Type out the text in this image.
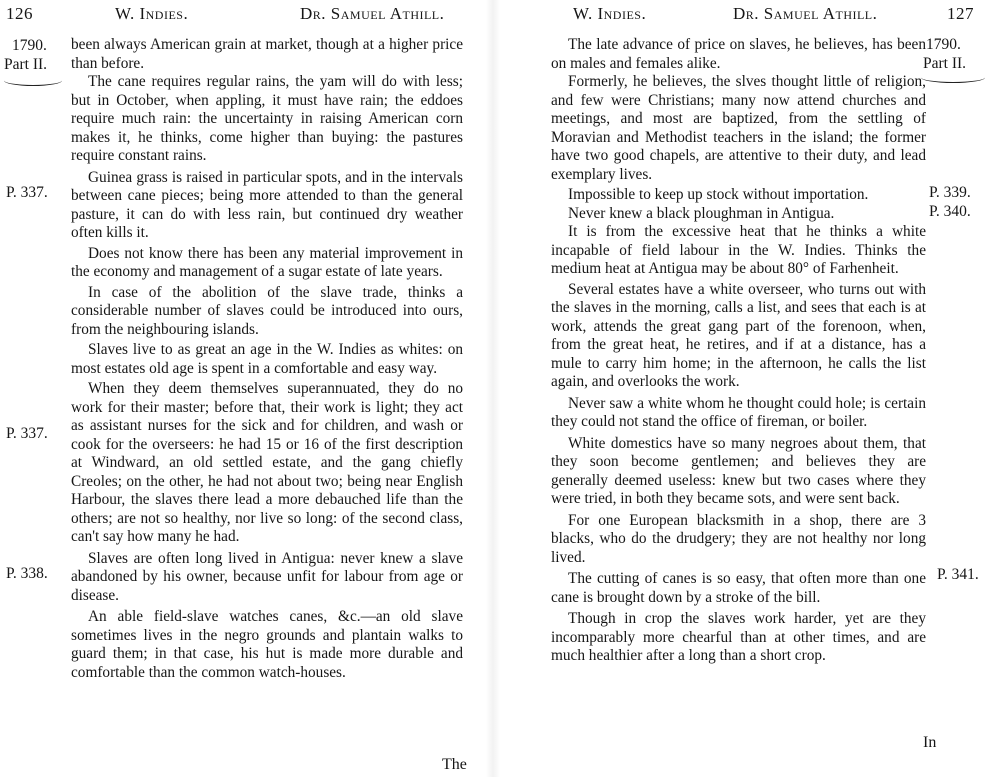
126	W. Indies.	Dr. Samuel Athill.
1790.
Part II.
P. 337.
P. 337.
P. 338.

been always American grain at market, though at a higher price than before.

The cane requires regular rains, the yam will do with less; but in October, when appling, it must have rain; the eddoes require much rain: the uncertainty in raising American corn makes it, he thinks, come higher than buying: the pastures require constant rains.

Guinea grass is raised in particular spots, and in the intervals between cane pieces; being more attended to than the general pasture, it can do with less rain, but continued dry weather often kills it.

Does not know there has been any material improvement in the economy and management of a sugar estate of late years.

In case of the abolition of the slave trade, thinks a considerable number of slaves could be introduced into ours, from the neighbouring islands.

Slaves live to as great an age in the W. Indies as whites: on most estates old age is spent in a comfortable and easy way.

When they deem themselves superannuated, they do no work for their master; before that, their work is light; they act as assistant nurses for the sick and for children, and wash or cook for the overseers: he had 15 or 16 of the first description at Windward, an old settled estate, and the gang chiefly Creoles; on the other, he had not about two; being near English Harbour, the slaves there lead a more debauched life than the others; are not so healthy, nor live so long: of the second class, can't say how many he had.

Slaves are often long lived in Antigua: never knew a slave abandoned by his owner, because unfit for labour from age or disease.

An able field-slave watches canes, &c.—an old slave sometimes lives in the negro grounds and plantain walks to guard them; in that case, his hut is made more durable and comfortable than the common watch-houses.

The
W. Indies.	Dr. Samuel Athill.	127
1790.
Part II.
P. 339.
P. 340.
P. 341.

The late advance of price on slaves, he believes, has been on males and females alike.

Formerly, he believes, the slves thought little of religion, and few were Christians; many now attend churches and meetings, and most are baptized, from the settling of Moravian and Methodist teachers in the island; the former have two good chapels, are attentive to their duty, and lead exemplary lives.

Impossible to keep up stock without importation.

Never knew a black ploughman in Antigua.

It is from the excessive heat that he thinks a white incapable of field labour in the W. Indies. Thinks the medium heat at Antigua may be about 80° of Farhenheit.

Several estates have a white overseer, who turns out with the slaves in the morning, calls a list, and sees that each is at work, attends the great gang part of the forenoon, when, from the great heat, he retires, and if at a distance, has a mule to carry him home; in the afternoon, he calls the list again, and overlooks the work.

Never saw a white whom he thought could hole; is certain they could not stand the office of fireman, or boiler.

White domestics have so many negroes about them, that they soon become gentlemen; and believes they are generally deemed useless: knew but two cases where they were tried, in both they became sots, and were sent back.

For one European blacksmith in a shop, there are 3 blacks, who do the drudgery; they are not healthy nor long lived.

The cutting of canes is so easy, that often more than one cane is brought down by a stroke of the bill.

Though in crop the slaves work harder, yet are they incomparably more chearful than at other times, and are much healthier after a long than a short crop.

In
